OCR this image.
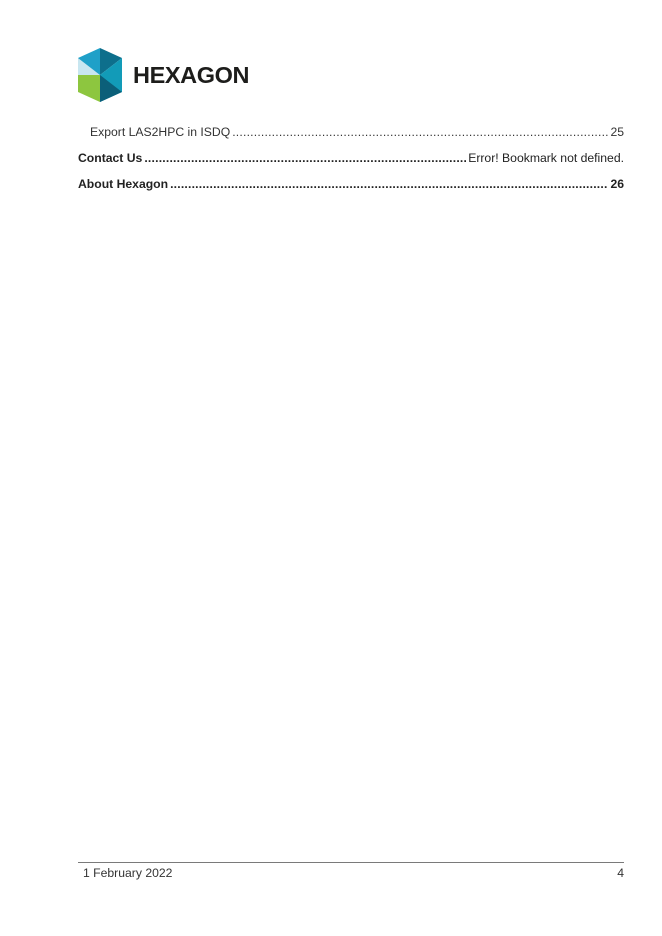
HEXAGON
Export LAS2HPC in ISDQ .....	25
Contact Us .....	Error! Bookmark not defined.
About Hexagon .....	26
1 February 2022	4
